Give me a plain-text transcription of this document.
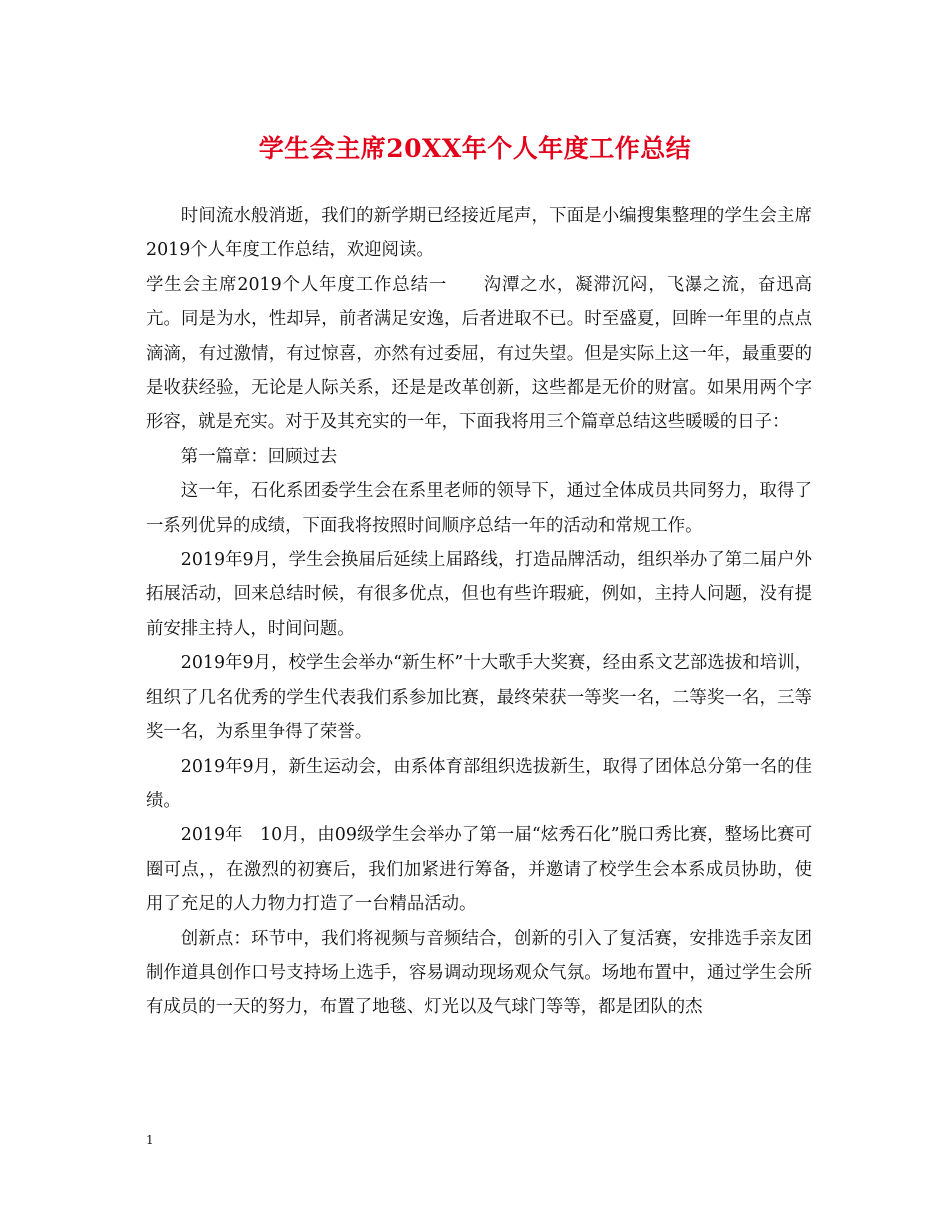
学生会主席20XX年个人年度工作总结

时间流水般消逝，我们的新学期已经接近尾声，下面是小编搜集整理的学生会主席2019个人年度工作总结，欢迎阅读。

学生会主席2019个人年度工作总结一　　沟潭之水，凝滞沉闷，飞瀑之流，奋迅高亢。同是为水，性却异，前者满足安逸，后者进取不已。时至盛夏，回眸一年里的点点滴滴，有过激情，有过惊喜，亦然有过委屈，有过失望。但是实际上这一年，最重要的是收获经验，无论是人际关系，还是是改革创新，这些都是无价的财富。如果用两个字形容，就是充实。对于及其充实的一年，下面我将用三个篇章总结这些暖暖的日子：

第一篇章：回顾过去

这一年，石化系团委学生会在系里老师的领导下，通过全体成员共同努力，取得了一系列优异的成绩，下面我将按照时间顺序总结一年的活动和常规工作。

2019年9月，学生会换届后延续上届路线，打造品牌活动，组织举办了第二届户外拓展活动，回来总结时候，有很多优点，但也有些许瑕疵，例如，主持人问题，没有提前安排主持人，时间问题。

2019年9月，校学生会举办“新生杯”十大歌手大奖赛，经由系文艺部选拔和培训，组织了几名优秀的学生代表我们系参加比赛，最终荣获一等奖一名，二等奖一名，三等奖一名，为系里争得了荣誉。

2019年9月，新生运动会，由系体育部组织选拔新生，取得了团体总分第一名的佳绩。

2019年　10月，由09级学生会举办了第一届“炫秀石化”脱口秀比赛，整场比赛可圈可点，，在激烈的初赛后，我们加紧进行筹备，并邀请了校学生会本系成员协助，使用了充足的人力物力打造了一台精品活动。

创新点：环节中，我们将视频与音频结合，创新的引入了复活赛，安排选手亲友团制作道具创作口号支持场上选手，容易调动现场观众气氛。场地布置中，通过学生会所有成员的一天的努力，布置了地毯、灯光以及气球门等等，都是团队的杰

1
